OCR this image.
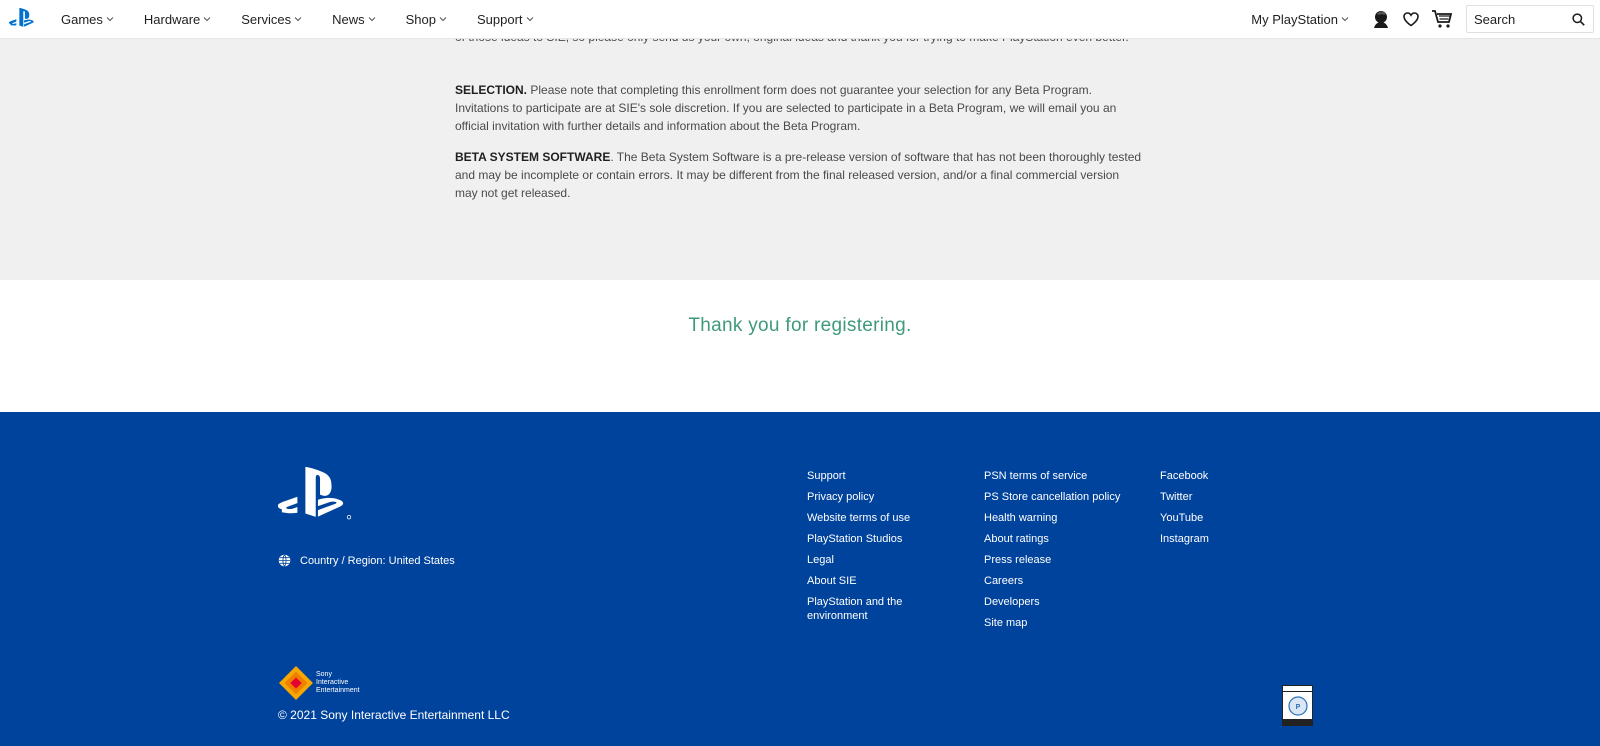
Games	Hardware	Services	News	Shop	Support	My PlayStation	Search

SELECTION. Please note that completing this enrollment form does not guarantee your selection for any Beta Program. Invitations to participate are at SIE's sole discretion. If you are selected to participate in a Beta Program, we will email you an official invitation with further details and information about the Beta Program.

BETA SYSTEM SOFTWARE. The Beta System Software is a pre-release version of software that has not been thoroughly tested and may be incomplete or contain errors. It may be different from the final released version, and/or a final commercial version may not get released.

Thank you for registering.
Country / Region: United States
Support
Privacy policy
Website terms of use
PlayStation Studios
Legal
About SIE
PlayStation and the environment
PSN terms of service
PS Store cancellation policy
Health warning
About ratings
Press release
Careers
Developers
Site map
Facebook
Twitter
YouTube
Instagram
Sony
Interactive
Entertainment
© 2021 Sony Interactive Entertainment LLC
P
